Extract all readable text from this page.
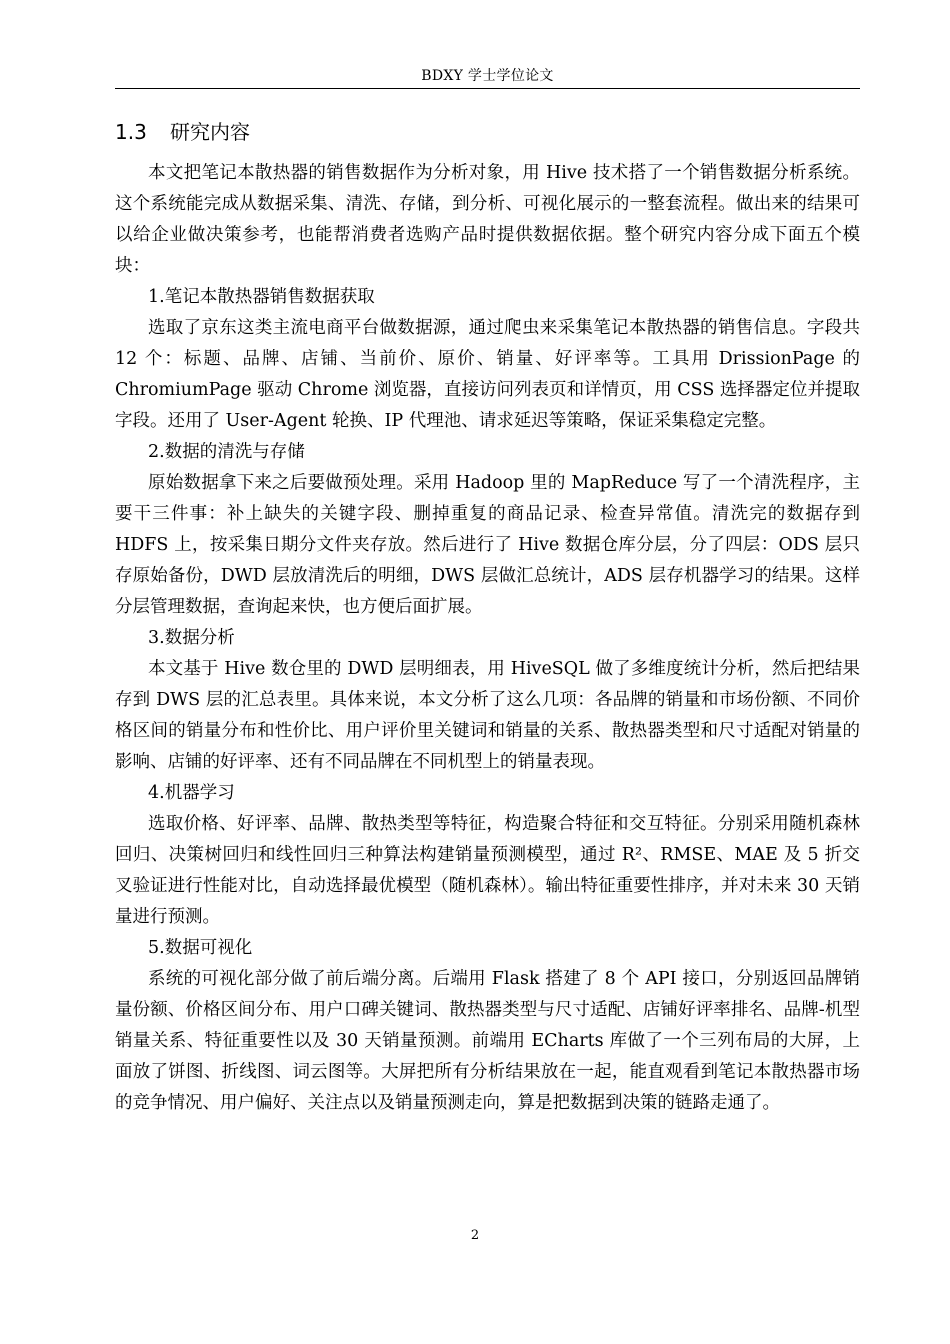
BDXY 学士学位论文
1.3 研究内容

本文把笔记本散热器的销售数据作为分析对象，用 Hive 技术搭了一个销售数据分析系统。这个系统能完成从数据采集、清洗、存储，到分析、可视化展示的一整套流程。做出来的结果可以给企业做决策参考，也能帮消费者选购产品时提供数据依据。整个研究内容分成下面五个模块：

1.笔记本散热器销售数据获取

选取了京东这类主流电商平台做数据源，通过爬虫来采集笔记本散热器的销售信息。字段共 12 个：标题、品牌、店铺、当前价、原价、销量、好评率等。工具用 DrissionPage 的 ChromiumPage 驱动 Chrome 浏览器，直接访问列表页和详情页，用 CSS 选择器定位并提取字段。还用了 User-Agent 轮换、IP 代理池、请求延迟等策略，保证采集稳定完整。

2.数据的清洗与存储

原始数据拿下来之后要做预处理。采用 Hadoop 里的 MapReduce 写了一个清洗程序，主要干三件事：补上缺失的关键字段、删掉重复的商品记录、检查异常值。清洗完的数据存到 HDFS 上，按采集日期分文件夹存放。然后进行了 Hive 数据仓库分层，分了四层：ODS 层只存原始备份，DWD 层放清洗后的明细，DWS 层做汇总统计，ADS 层存机器学习的结果。这样分层管理数据，查询起来快，也方便后面扩展。

3.数据分析

本文基于 Hive 数仓里的 DWD 层明细表，用 HiveSQL 做了多维度统计分析，然后把结果存到 DWS 层的汇总表里。具体来说，本文分析了这么几项：各品牌的销量和市场份额、不同价格区间的销量分布和性价比、用户评价里关键词和销量的关系、散热器类型和尺寸适配对销量的影响、店铺的好评率、还有不同品牌在不同机型上的销量表现。

4.机器学习

选取价格、好评率、品牌、散热类型等特征，构造聚合特征和交互特征。分别采用随机森林回归、决策树回归和线性回归三种算法构建销量预测模型，通过 R²、RMSE、MAE 及 5 折交叉验证进行性能对比，自动选择最优模型（随机森林）。输出特征重要性排序，并对未来 30 天销量进行预测。

5.数据可视化

系统的可视化部分做了前后端分离。后端用 Flask 搭建了 8 个 API 接口，分别返回品牌销量份额、价格区间分布、用户口碑关键词、散热器类型与尺寸适配、店铺好评率排名、品牌-机型销量关系、特征重要性以及 30 天销量预测。前端用 ECharts 库做了一个三列布局的大屏，上面放了饼图、折线图、词云图等。大屏把所有分析结果放在一起，能直观看到笔记本散热器市场的竞争情况、用户偏好、关注点以及销量预测走向，算是把数据到决策的链路走通了。

2
